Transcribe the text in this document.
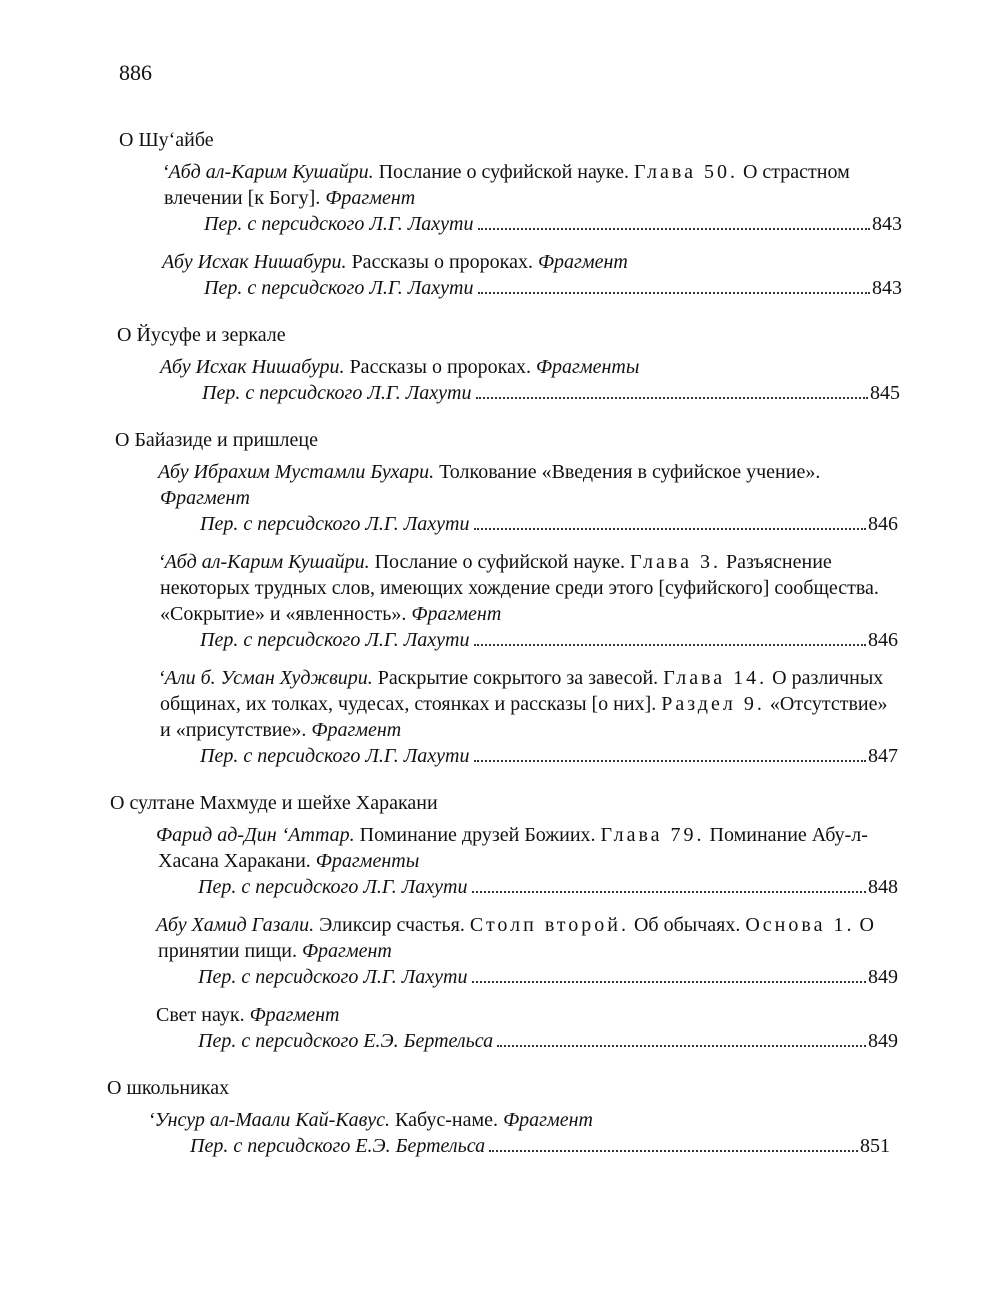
886
О Шу‘айбе
‘Абд ал-Карим Кушайри. Послание о суфийской науке. Глава 50. О страстном влечении [к Богу]. Фрагмент
Пер. с персидского Л.Г. Лахути	843
Абу Исхак Нишабури. Рассказы о пророках. Фрагмент
Пер. с персидского Л.Г. Лахути	843
О Йусуфе и зеркале
Абу Исхак Нишабури. Рассказы о пророках. Фрагменты
Пер. с персидского Л.Г. Лахути	845
О Байазиде и пришлеце
Абу Ибрахим Мустамли Бухари. Толкование «Введения в суфийское учение». Фрагмент
Пер. с персидского Л.Г. Лахути	846
‘Абд ал-Карим Кушайри. Послание о суфийской науке. Глава 3. Разъяснение некоторых трудных слов, имеющих хождение среди этого [суфийского] сообщества. «Сокрытие» и «явленность». Фрагмент
Пер. с персидского Л.Г. Лахути	846
‘Али б. Усман Худжвири. Раскрытие сокрытого за завесой. Глава 14. О различных общинах, их толках, чудесах, стоянках и рассказы [о них]. Раздел 9. «Отсутствие» и «присутствие». Фрагмент
Пер. с персидского Л.Г. Лахути	847
О султане Махмуде и шейхе Харакани
Фарид ад-Дин ‘Аттар. Поминание друзей Божиих. Глава 79. Поминание Абу-л-Хасана Харакани. Фрагменты
Пер. с персидского Л.Г. Лахути	848
Абу Хамид Газали. Эликсир счастья. Столп второй. Об обычаях. Основа 1. О принятии пищи. Фрагмент
Пер. с персидского Л.Г. Лахути	849
Свет наук. Фрагмент
Пер. с персидского Е.Э. Бертельса	849
О школьниках
‘Унсур ал-Маали Кай-Кавус. Кабус-наме. Фрагмент
Пер. с персидского Е.Э. Бертельса	851
